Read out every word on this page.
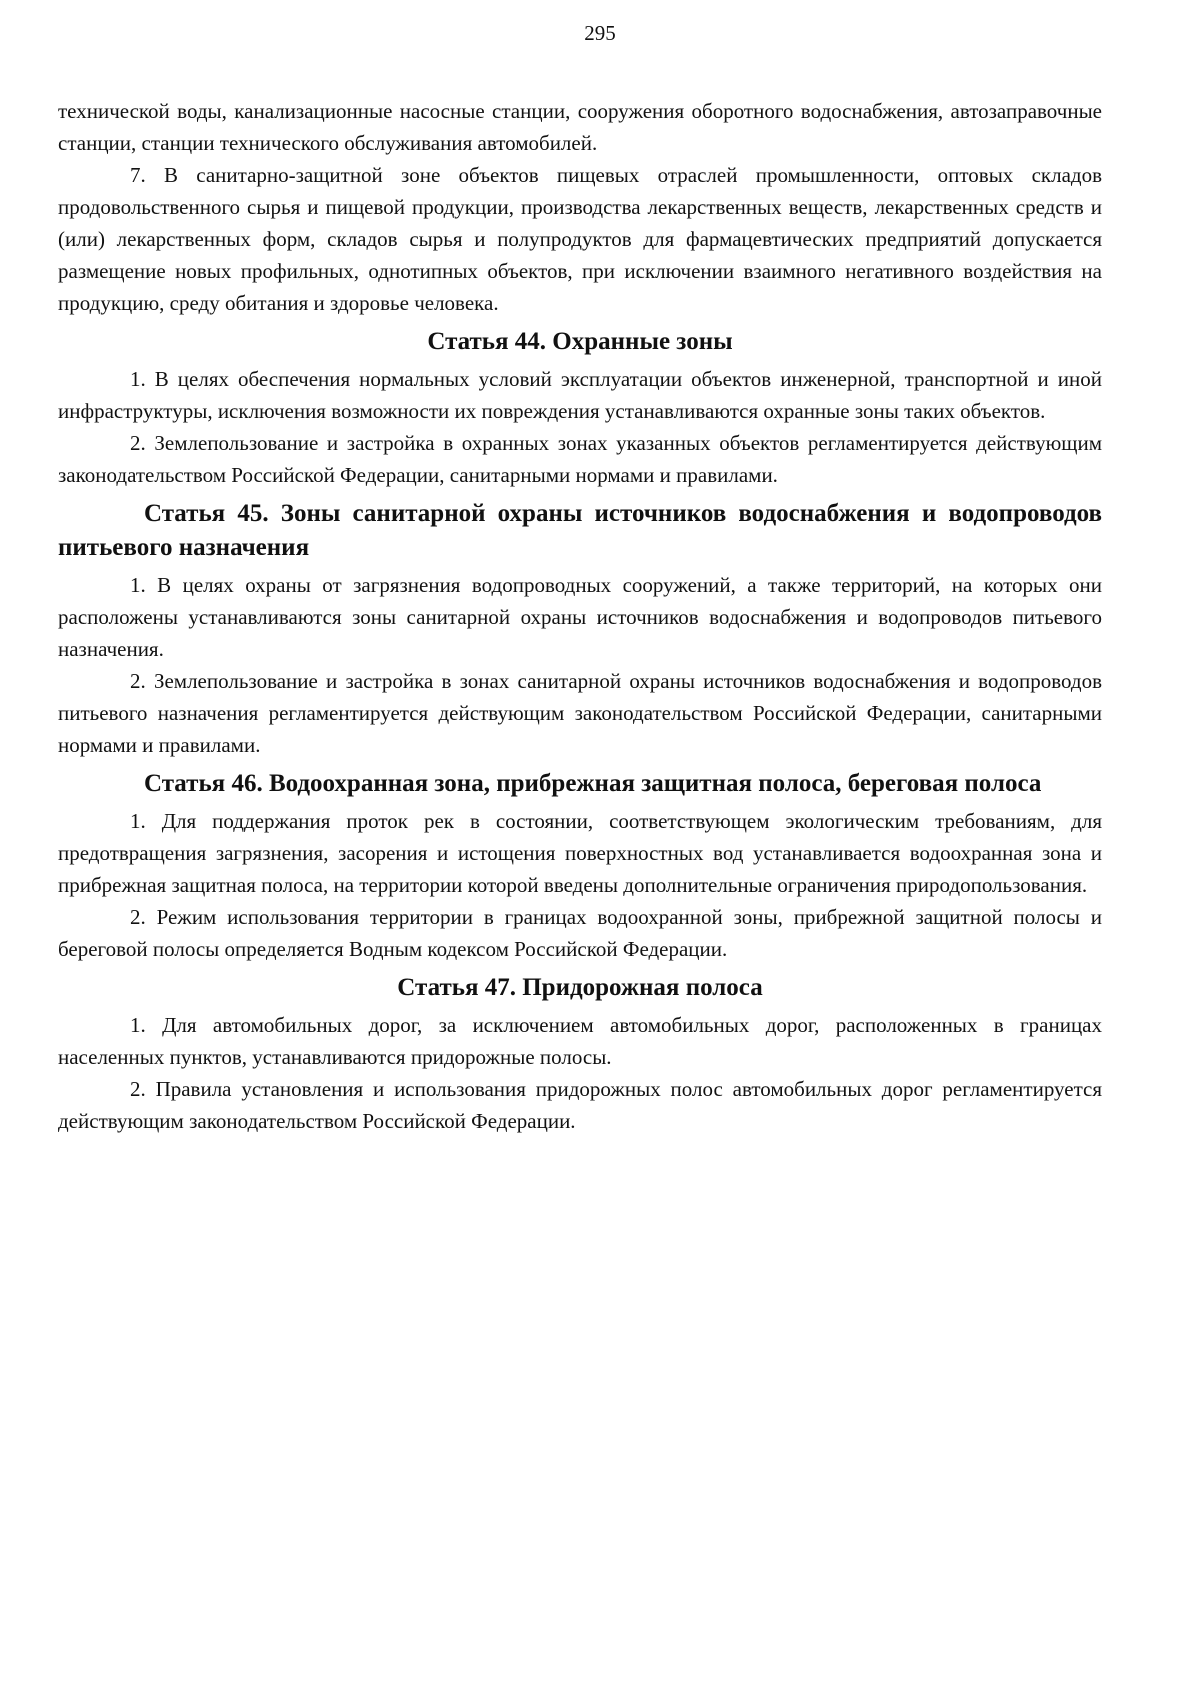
295

технической воды, канализационные насосные станции, сооружения оборотного водоснабжения, автозаправочные станции, станции технического обслуживания автомобилей.

7. В санитарно-защитной зоне объектов пищевых отраслей промышленности, оптовых складов продовольственного сырья и пищевой продукции, производства лекарственных веществ, лекарственных средств и (или) лекарственных форм, складов сырья и полупродуктов для фармацевтических предприятий допускается размещение новых профильных, однотипных объектов, при исключении взаимного негативного воздействия на продукцию, среду обитания и здоровье человека.

Статья 44. Охранные зоны

1. В целях обеспечения нормальных условий эксплуатации объектов инженерной, транспортной и иной инфраструктуры, исключения возможности их повреждения устанавливаются охранные зоны таких объектов.

2. Землепользование и застройка в охранных зонах указанных объектов регламентируется действующим законодательством Российской Федерации, санитарными нормами и правилами.

Статья 45. Зоны санитарной охраны источников водоснабжения и водопроводов питьевого назначения

1. В целях охраны от загрязнения водопроводных сооружений, а также территорий, на которых они расположены устанавливаются зоны санитарной охраны источников водоснабжения и водопроводов питьевого назначения.

2. Землепользование и застройка в зонах санитарной охраны источников водоснабжения и водопроводов питьевого назначения регламентируется действующим законодательством Российской Федерации, санитарными нормами и правилами.

Статья 46. Водоохранная зона, прибрежная защитная полоса, береговая полоса

1. Для поддержания проток рек в состоянии, соответствующем экологическим требованиям, для предотвращения загрязнения, засорения и истощения поверхностных вод устанавливается водоохранная зона и прибрежная защитная полоса, на территории которой введены дополнительные ограничения природопользования.

2. Режим использования территории в границах водоохранной зоны, прибрежной защитной полосы и береговой полосы определяется Водным кодексом Российской Федерации.

Статья 47. Придорожная полоса

1. Для автомобильных дорог, за исключением автомобильных дорог, расположенных в границах населенных пунктов, устанавливаются придорожные полосы.

2. Правила установления и использования придорожных полос автомобильных дорог регламентируется действующим законодательством Российской Федерации.
